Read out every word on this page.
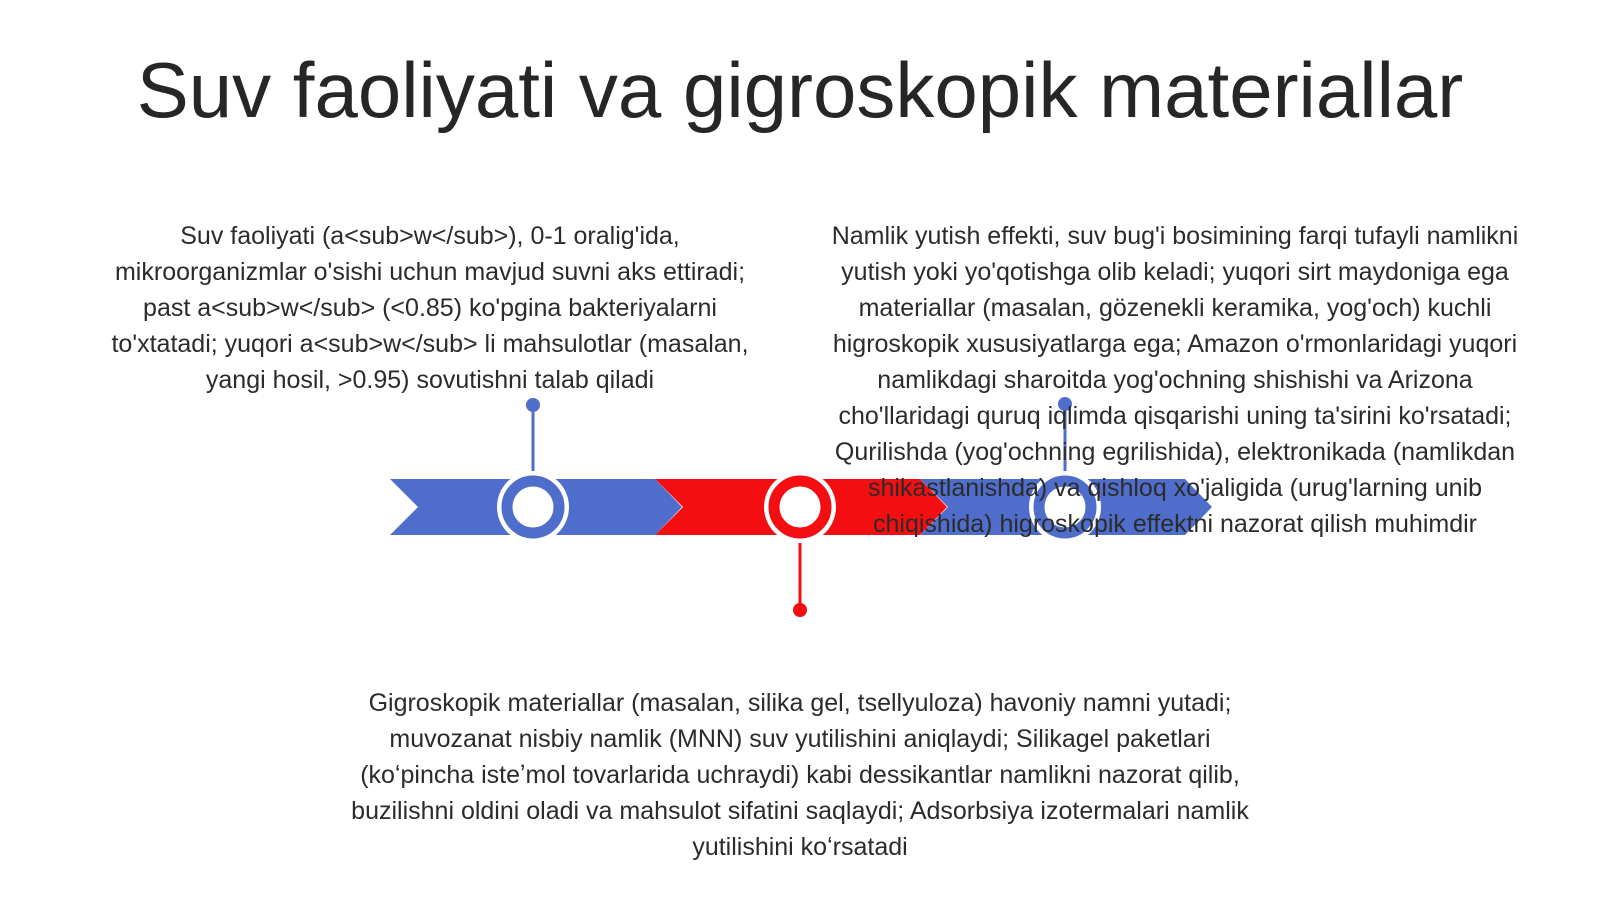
Suv faoliyati va gigroskopik materiallar
Suv faoliyati (a<sub>w</sub>), 0-1 oralig'ida, mikroorganizmlar o'sishi uchun mavjud suvni aks ettiradi; past a<sub>w</sub> (<0.85) ko'pgina bakteriyalarni to'xtatadi; yuqori a<sub>w</sub> li mahsulotlar (masalan, yangi hosil, >0.95) sovutishni talab qiladi
Namlik yutish effekti, suv bug'i bosimining farqi tufayli namlikni yutish yoki yo'qotishga olib keladi; yuqori sirt maydoniga ega materiallar (masalan, gözenekli keramika, yog'och) kuchli higroskopik xususiyatlarga ega; Amazon o'rmonlaridagi yuqori namlikdagi sharoitda yog'ochning shishishi va Arizona cho'llaridagi quruq iqlimda qisqarishi uning ta'sirini ko'rsatadi; Qurilishda (yog'ochning egrilishida), elektronikada (namlikdan shikastlanishda) va qishloq xo'jaligida (urug'larning unib chiqishida) higroskopik effektni nazorat qilish muhimdir
Gigroskopik materiallar (masalan, silika gel, tsellyuloza) havoniy namni yutadi; muvozanat nisbiy namlik (MNN) suv yutilishini aniqlaydi; Silikagel paketlari (koʻpincha isteʼmol tovarlarida uchraydi) kabi dessikantlar namlikni nazorat qilib, buzilishni oldini oladi va mahsulot sifatini saqlaydi; Adsorbsiya izotermalari namlik yutilishini koʻrsatadi
